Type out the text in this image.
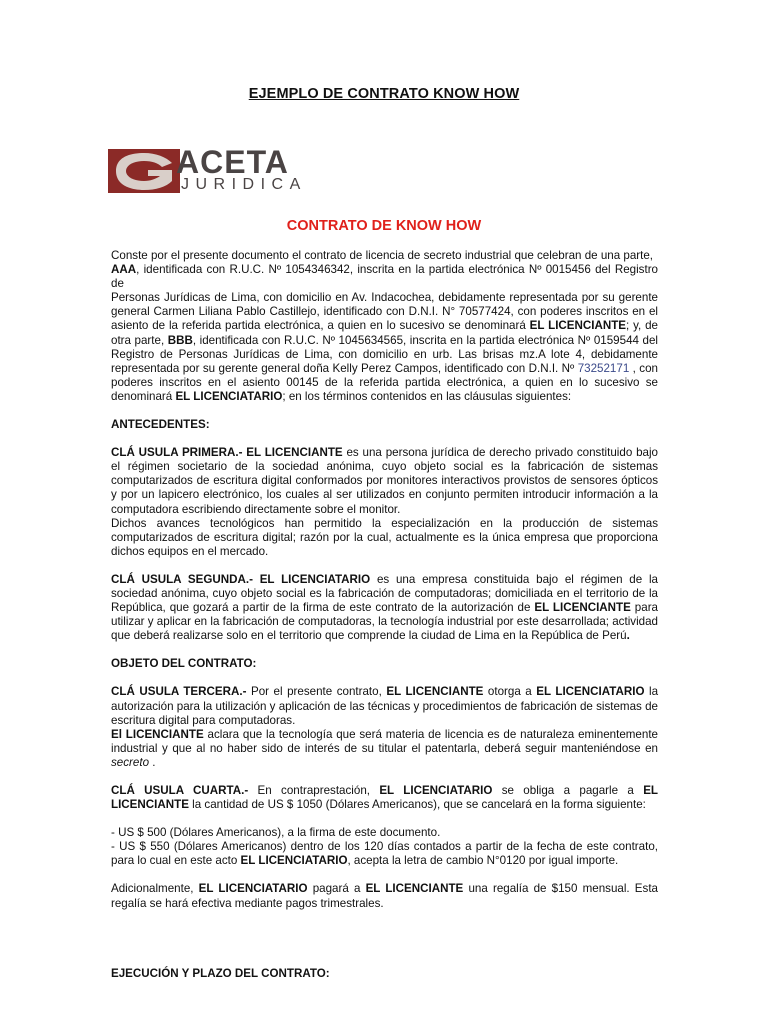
EJEMPLO DE CONTRATO KNOW HOW
ACETA
JURIDICA
CONTRATO DE KNOW HOW

Conste por el presente documento el contrato de licencia de secreto industrial que celebran de una parte,
AAA, identificada con R.U.C. Nº 1054346342, inscrita en la partida electrónica Nº 0015456 del Registro de
Personas Jurídicas de Lima, con domicilio en Av. Indacochea, debidamente representada por su gerente general Carmen Liliana Pablo Castillejo, identificado con D.N.I. N° 70577424, con poderes inscritos en el asiento de la referida partida electrónica, a quien en lo sucesivo se denominará EL LICENCIANTE; y, de otra parte, BBB, identificada con R.U.C. Nº 1045634565, inscrita en la partida electrónica Nº 0159544 del Registro de Personas Jurídicas de Lima, con domicilio en urb. Las brisas mz.A lote 4, debidamente representada por su gerente general doña Kelly Perez Campos, identificado con D.N.I. Nº 73252171 , con poderes inscritos en el asiento 00145 de la referida partida electrónica, a quien en lo sucesivo se denominará EL LICENCIATARIO; en los términos contenidos en las cláusulas siguientes:

ANTECEDENTES:

CLÁ USULA PRIMERA.- EL LICENCIANTE es una persona jurídica de derecho privado constituido bajo el régimen societario de la sociedad anónima, cuyo objeto social es la fabricación de sistemas computarizados de escritura digital conformados por monitores interactivos provistos de sensores ópticos y por un lapicero electrónico, los cuales al ser utilizados en conjunto permiten introducir información a la computadora escribiendo directamente sobre el monitor.
Dichos avances tecnológicos han permitido la especialización en la producción de sistemas computarizados de escritura digital; razón por la cual, actualmente es la única empresa que proporciona dichos equipos en el mercado.

CLÁ USULA SEGUNDA.- EL LICENCIATARIO es una empresa constituida bajo el régimen de la sociedad anónima, cuyo objeto social es la fabricación de computadoras; domiciliada en el territorio de la República, que gozará a partir de la firma de este contrato de la autorización de EL LICENCIANTE para utilizar y aplicar en la fabricación de computadoras, la tecnología industrial por este desarrollada; actividad que deberá realizarse solo en el territorio que comprende la ciudad de Lima en la República de Perú.

OBJETO DEL CONTRATO:

CLÁ USULA TERCERA.- Por el presente contrato, EL LICENCIANTE otorga a EL LICENCIATARIO la autorización para la utilización y aplicación de las técnicas y procedimientos de fabricación de sistemas de escritura digital para computadoras.
El LICENCIANTE aclara que la tecnología que será materia de licencia es de naturaleza eminentemente industrial y que al no haber sido de interés de su titular el patentarla, deberá seguir manteniéndose en secreto .

CLÁ USULA CUARTA.- En contraprestación, EL LICENCIATARIO se obliga a pagarle a EL LICENCIANTE la cantidad de US $ 1050 (Dólares Americanos), que se cancelará en la forma siguiente:

- US $ 500 (Dólares Americanos), a la firma de este documento.

- US $ 550 (Dólares Americanos) dentro de los 120 días contados a partir de la fecha de este contrato, para lo cual en este acto EL LICENCIATARIO, acepta la letra de cambio N°0120 por igual importe.

Adicionalmente, EL LICENCIATARIO pagará a EL LICENCIANTE una regalía de $150 mensual. Esta regalía se hará efectiva mediante pagos trimestrales.

EJECUCIÓN Y PLAZO DEL CONTRATO:
